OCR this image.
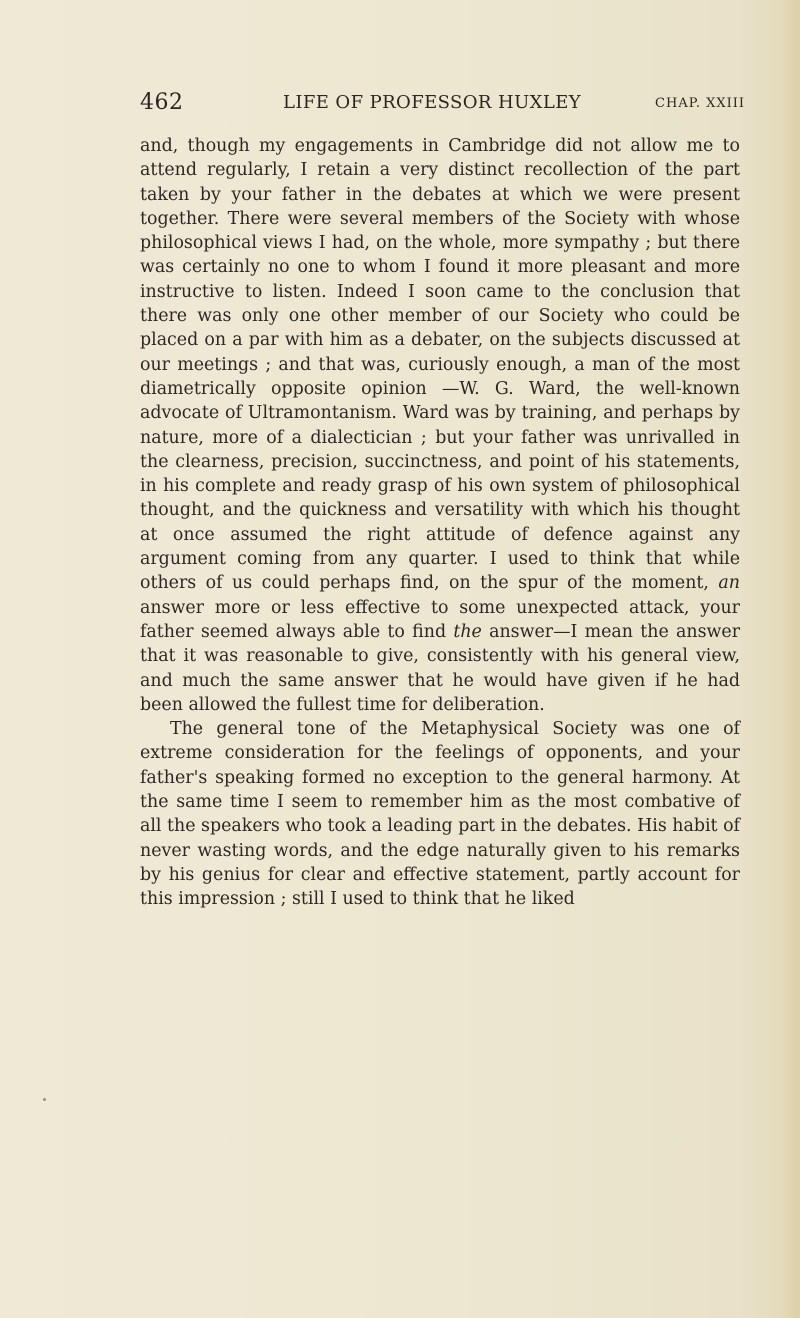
462	LIFE OF PROFESSOR HUXLEY	CHAP. XXIII

and, though my engagements in Cambridge did not allow me to attend regularly, I retain a very distinct recollection of the part taken by your father in the debates at which we were present together. There were several members of the Society with whose philosophical views I had, on the whole, more sympathy ; but there was certainly no one to whom I found it more pleasant and more instructive to listen. Indeed I soon came to the conclusion that there was only one other member of our Society who could be placed on a par with him as a debater, on the subjects discussed at our meetings ; and that was, curiously enough, a man of the most diametrically opposite opinion —W. G. Ward, the well-known advocate of Ultramontanism. Ward was by training, and perhaps by nature, more of a dialectician ; but your father was unrivalled in the clearness, precision, succinctness, and point of his statements, in his complete and ready grasp of his own system of philosophical thought, and the quickness and versatility with which his thought at once assumed the right attitude of defence against any argument coming from any quarter. I used to think that while others of us could perhaps find, on the spur of the moment, an answer more or less effective to some unexpected attack, your father seemed always able to find the answer—I mean the answer that it was reasonable to give, consistently with his general view, and much the same answer that he would have given if he had been allowed the fullest time for deliberation.

The general tone of the Metaphysical Society was one of extreme consideration for the feelings of opponents, and your father's speaking formed no exception to the general harmony. At the same time I seem to remember him as the most combative of all the speakers who took a leading part in the debates. His habit of never wasting words, and the edge naturally given to his remarks by his genius for clear and effective statement, partly account for this impression ; still I used to think that he liked
